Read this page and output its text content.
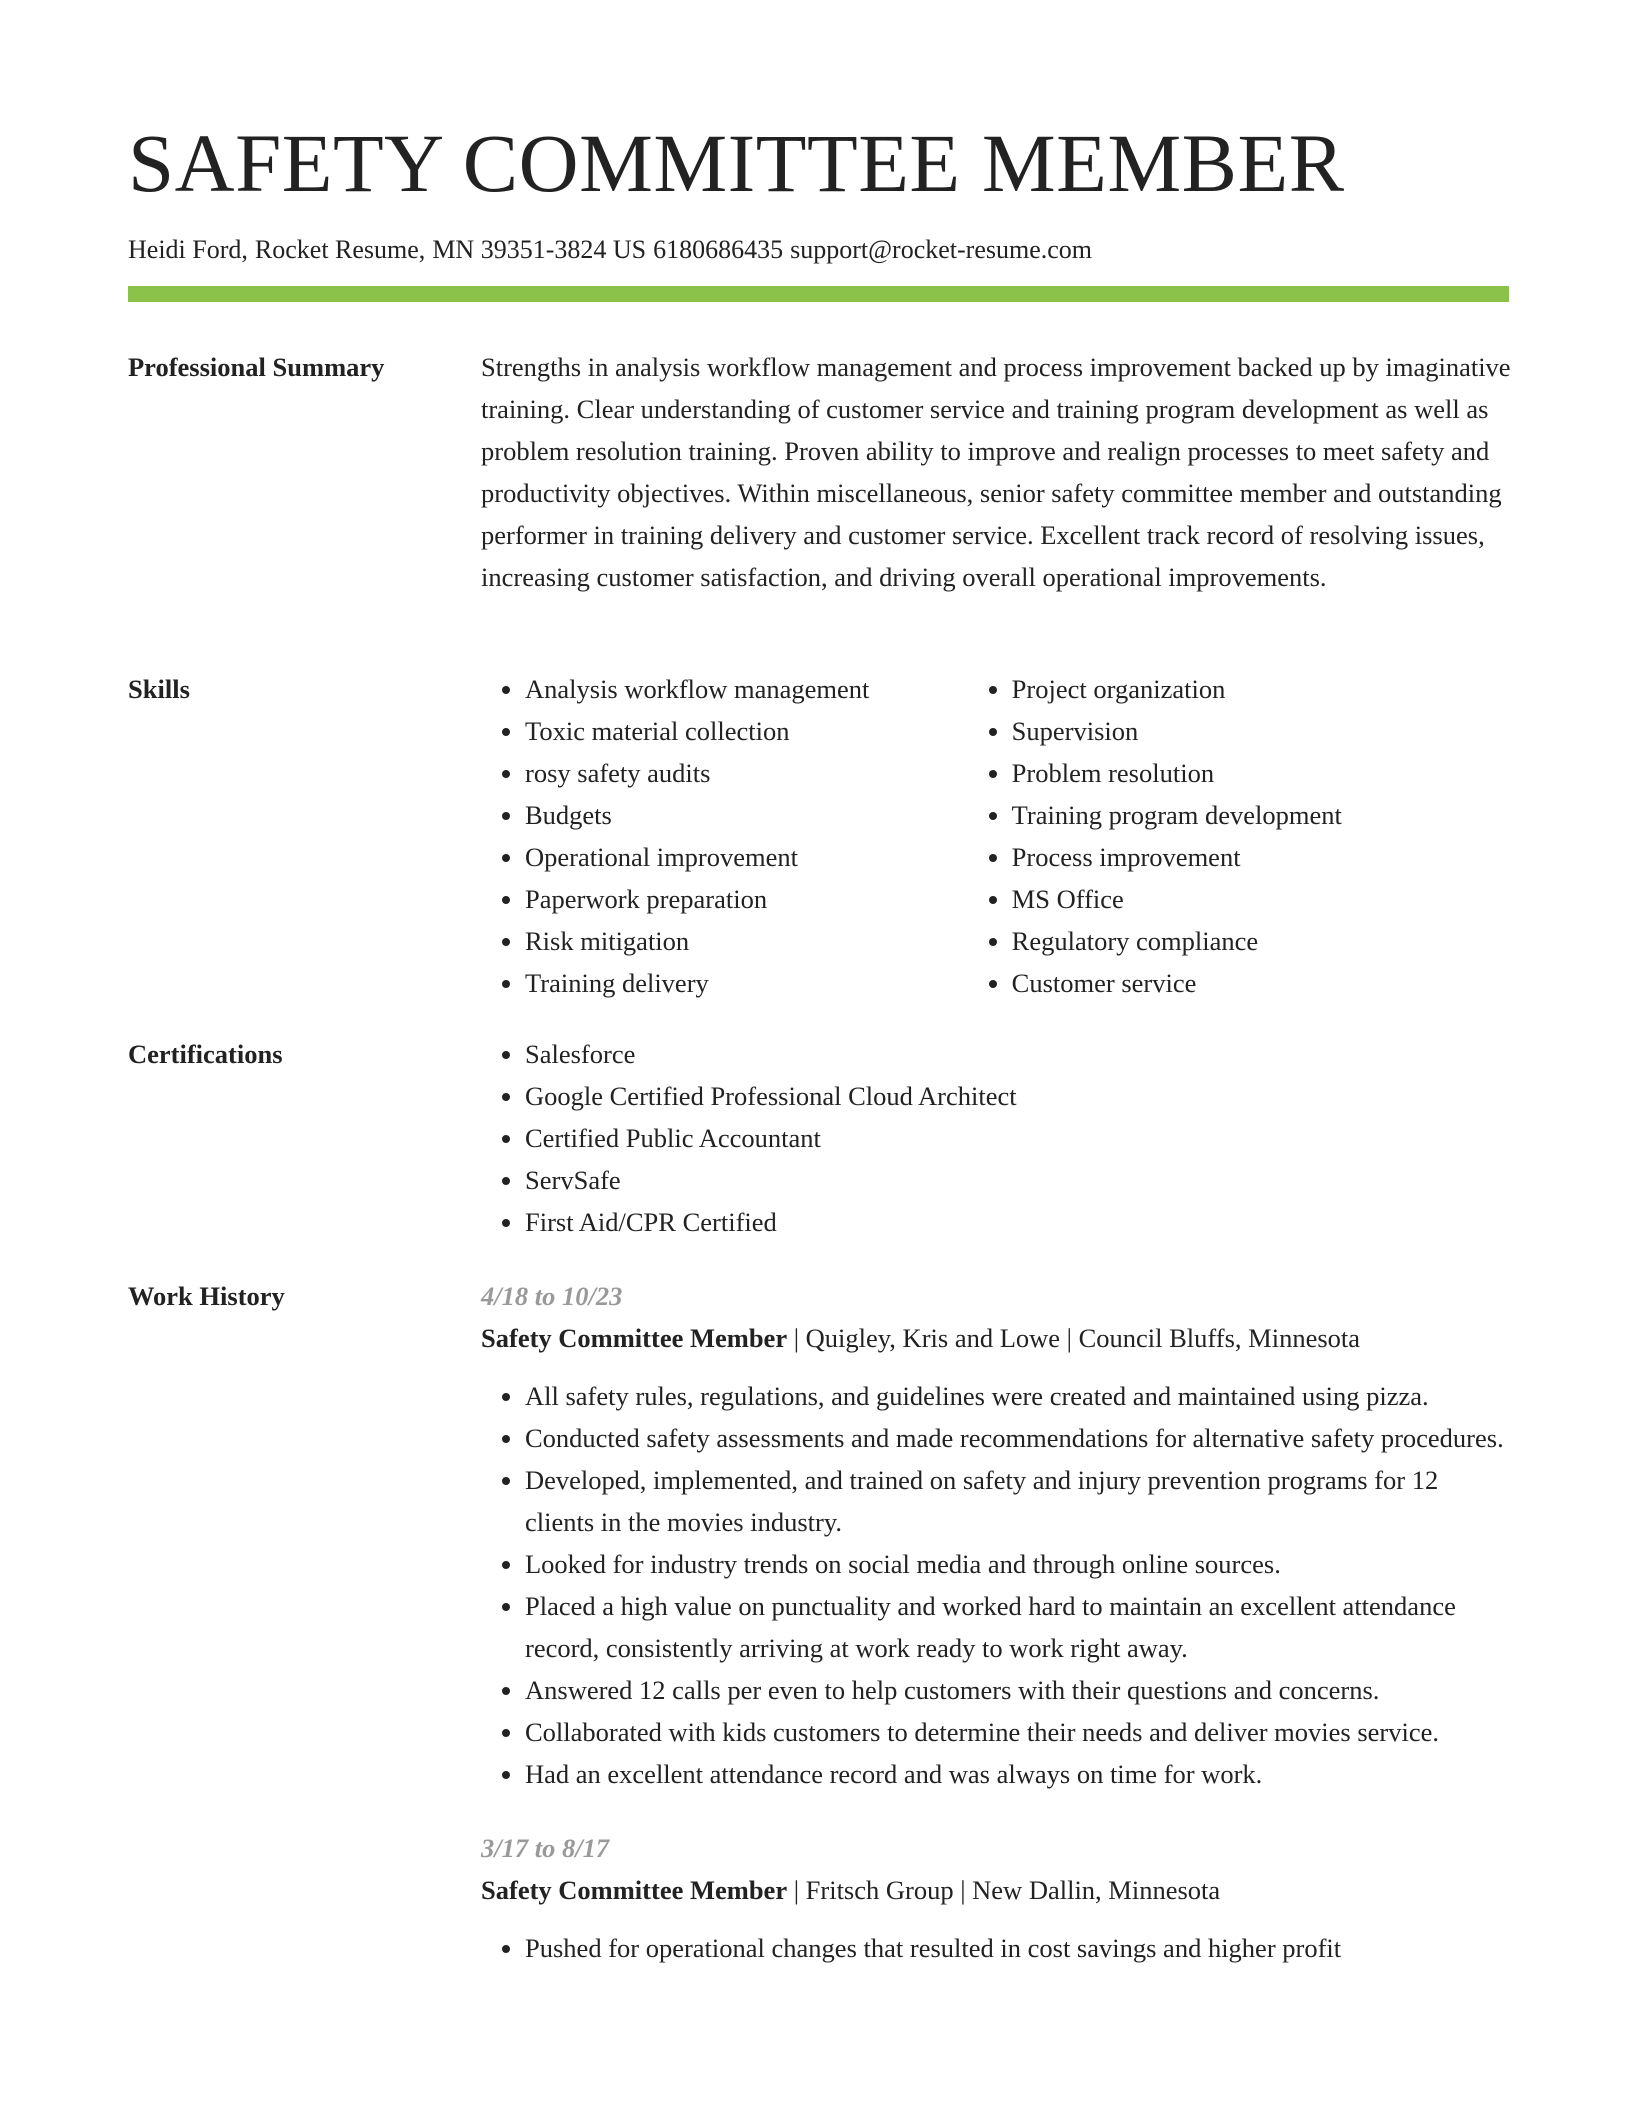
SAFETY COMMITTEE MEMBER
Heidi Ford, Rocket Resume, MN 39351-3824 US 6180686435 support@rocket-resume.com
Professional Summary	Strengths in analysis workflow management and process improvement backed up by imaginative training. Clear understanding of customer service and training program development as well as problem resolution training. Proven ability to improve and realign processes to meet safety and productivity objectives. Within miscellaneous, senior safety committee member and outstanding performer in training delivery and customer service. Excellent track record of resolving issues, increasing customer satisfaction, and driving overall operational improvements.

Skills	• Analysis workflow management
• Toxic material collection
• rosy safety audits
• Budgets
• Operational improvement
• Paperwork preparation
• Risk mitigation
• Training delivery
• Project organization
• Supervision
• Problem resolution
• Training program development
• Process improvement
• MS Office
• Regulatory compliance
• Customer service
Certifications	• Salesforce
• Google Certified Professional Cloud Architect
• Certified Public Accountant
• ServSafe
• First Aid/CPR Certified
Work History	4/18 to 10/23

Safety Committee Member | Quigley, Kris and Lowe | Council Bluffs, Minnesota

• All safety rules, regulations, and guidelines were created and maintained using pizza.
• Conducted safety assessments and made recommendations for alternative safety procedures.
• Developed, implemented, and trained on safety and injury prevention programs for 12 clients in the movies industry.
• Looked for industry trends on social media and through online sources.
• Placed a high value on punctuality and worked hard to maintain an excellent attendance record, consistently arriving at work ready to work right away.
• Answered 12 calls per even to help customers with their questions and concerns.
• Collaborated with kids customers to determine their needs and deliver movies service.
• Had an excellent attendance record and was always on time for work.

3/17 to 8/17

Safety Committee Member | Fritsch Group | New Dallin, Minnesota

• Pushed for operational changes that resulted in cost savings and higher profit
